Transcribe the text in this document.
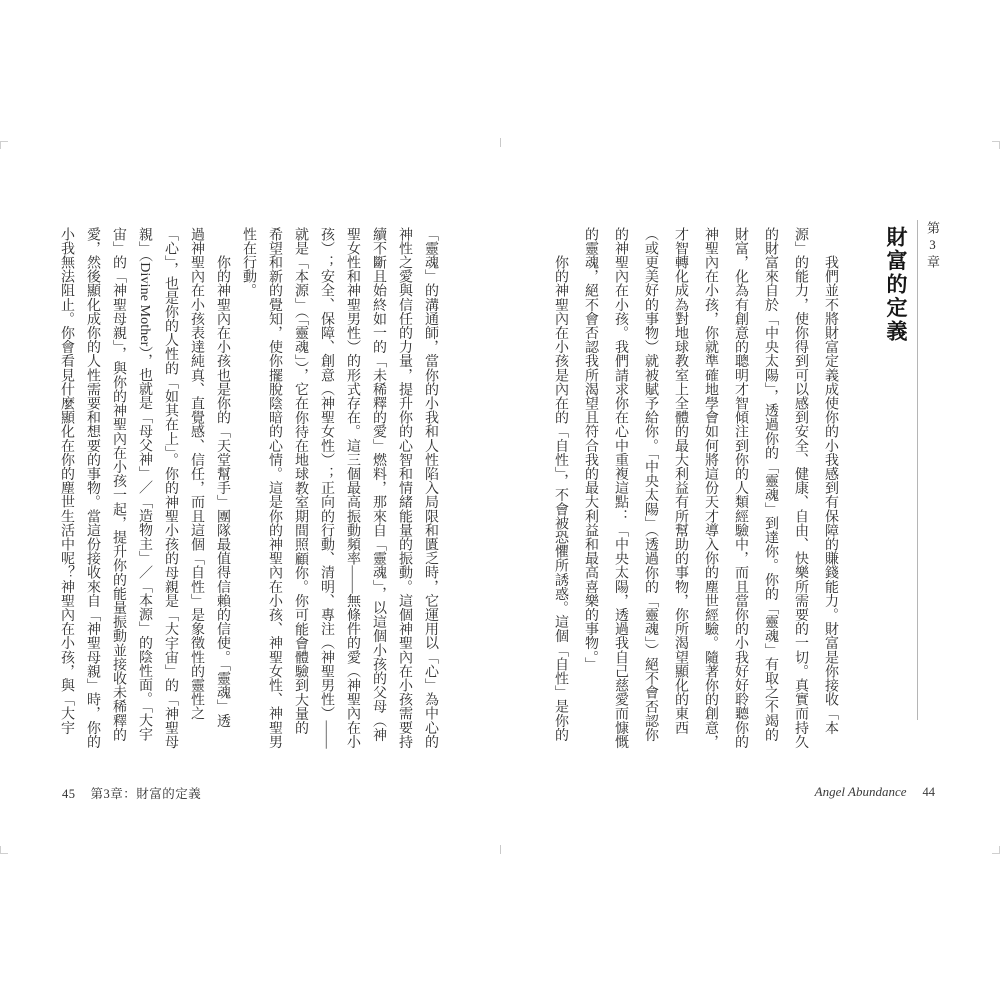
第3章
財富的定義
　　我們並不將財富定義成使你的小我感到有保障的賺錢能力。財富是你接收「本
源」的能力，使你得到可以感到安全、健康、自由、快樂所需要的一切。真實而持久
的財富來自於「中央太陽」，透過你的「靈魂」到達你。你的「靈魂」有取之不竭的
財富，化為有創意的聰明才智傾注到你的人類經驗中，而且當你的小我好好聆聽你的
神聖內在小孩，你就準確地學會如何將這份天才導入你的塵世經驗。隨著你的創意，
才智轉化成為對地球教室上全體的最大利益有所幫助的事物，你所渴望顯化的東西
（或更美好的事物）就被賦予給你。「中央太陽」（透過你的「靈魂」）絕不會否認你
的神聖內在小孩。我們請求你在心中重複這點：「中央太陽，透過我自己慈愛而慷慨
的靈魂，絕不會否認我所渴望且符合我的最大利益和最高喜樂的事物。」
　　你的神聖內在小孩是內在的「自性」，不會被恐懼所誘惑。這個「自性」是你的
Angel Abundance 44
「靈魂」的溝通師，當你的小我和人性陷入局限和匱乏時，它運用以「心」為中心的
神性之愛與信任的力量，提升你的心智和情緒能量的振動。這個神聖內在小孩需要持
續不斷且始終如一的「未稀釋的愛」燃料，那來自「靈魂」，以這個小孩的父母（神
聖女性和神聖男性）的形式存在。這三個最高振動頻率——無條件的愛（神聖內在小
孩）；安全、保障、創意（神聖女性）；正向的行動、清明、專注（神聖男性）——
就是「本源」（「靈魂」），它在你待在地球教室期間照顧你。你可能會體驗到大量的
希望和新的覺知，使你擺脫陰暗的心情。這是你的神聖內在小孩、神聖女性、神聖男
性在行動。
　　你的神聖內在小孩也是你的「天堂幫手」團隊最值得信賴的信使。「靈魂」透
過神聖內在小孩表達純真、直覺感、信任，而且這個「自性」是象徵性的靈性之
「心」，也是你的人性的「如其在上」。你的神聖小孩的母親是「大宇宙」的「神聖母
親」（Divine Mother），也就是「母父神」／「造物主」／「本源」的陰性面。「大宇
宙」的「神聖母親」，與你的神聖內在小孩一起，提升你的能量振動並接收未稀釋的
愛，然後顯化成你的人性需要和想要的事物。當這份接收來自「神聖母親」時，你的
小我無法阻止。你會看見什麼顯化在你的塵世生活中呢？神聖內在小孩，與「大宇
45 第3章：財富的定義
